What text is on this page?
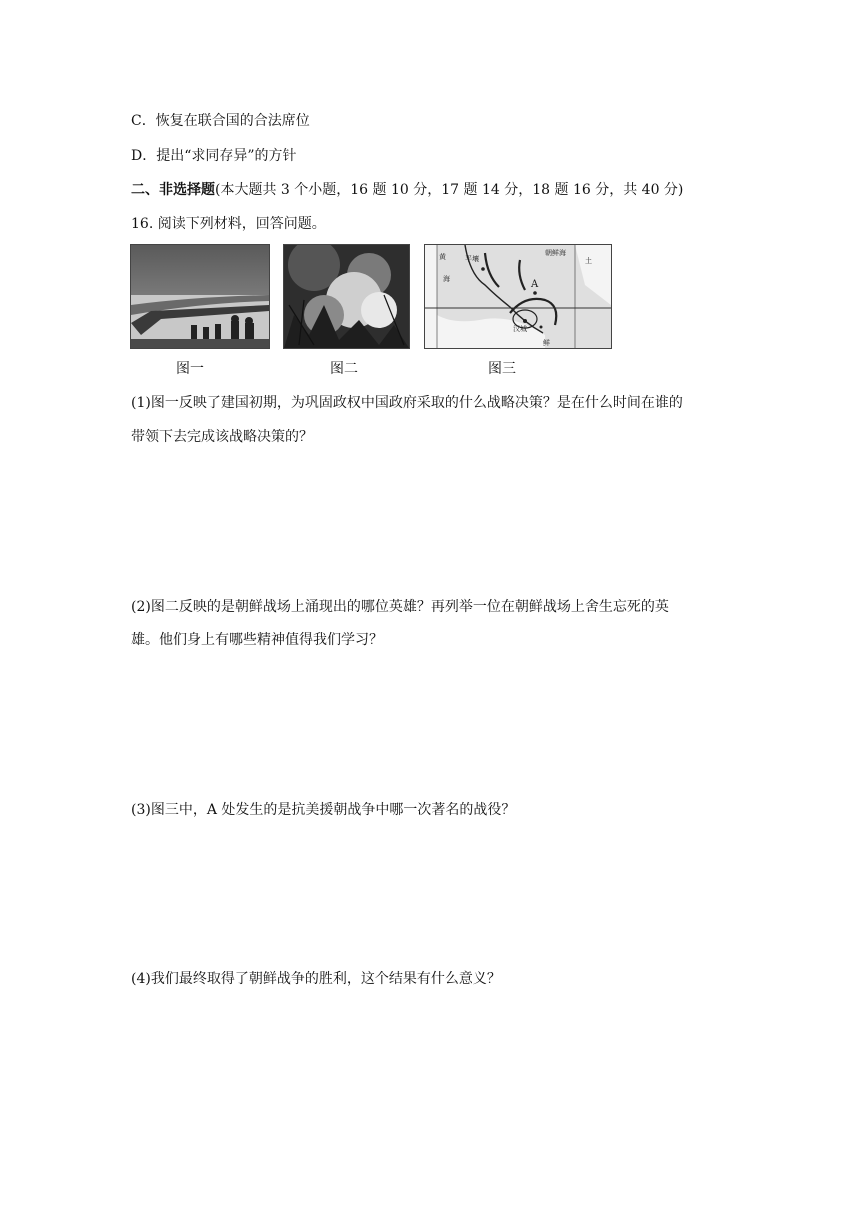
C．恢复在联合国的合法席位
D．提出“求同存异”的方针
二、非选择题(本大题共 3 个小题，16 题 10 分，17 题 14 分，18 题 16 分，共 40 分)
16. 阅读下列材料，回答问题。
黄	平壤
海
朝鲜海
土
汉城
鲜
A
图一	图二	图三
(1)图一反映了建国初期，为巩固政权中国政府采取的什么战略决策？是在什么时间在谁的
带领下去完成该战略决策的？
(2)图二反映的是朝鲜战场上涌现出的哪位英雄？再列举一位在朝鲜战场上舍生忘死的英
雄。他们身上有哪些精神值得我们学习？
(3)图三中，A 处发生的是抗美援朝战争中哪一次著名的战役？
(4)我们最终取得了朝鲜战争的胜利，这个结果有什么意义？
